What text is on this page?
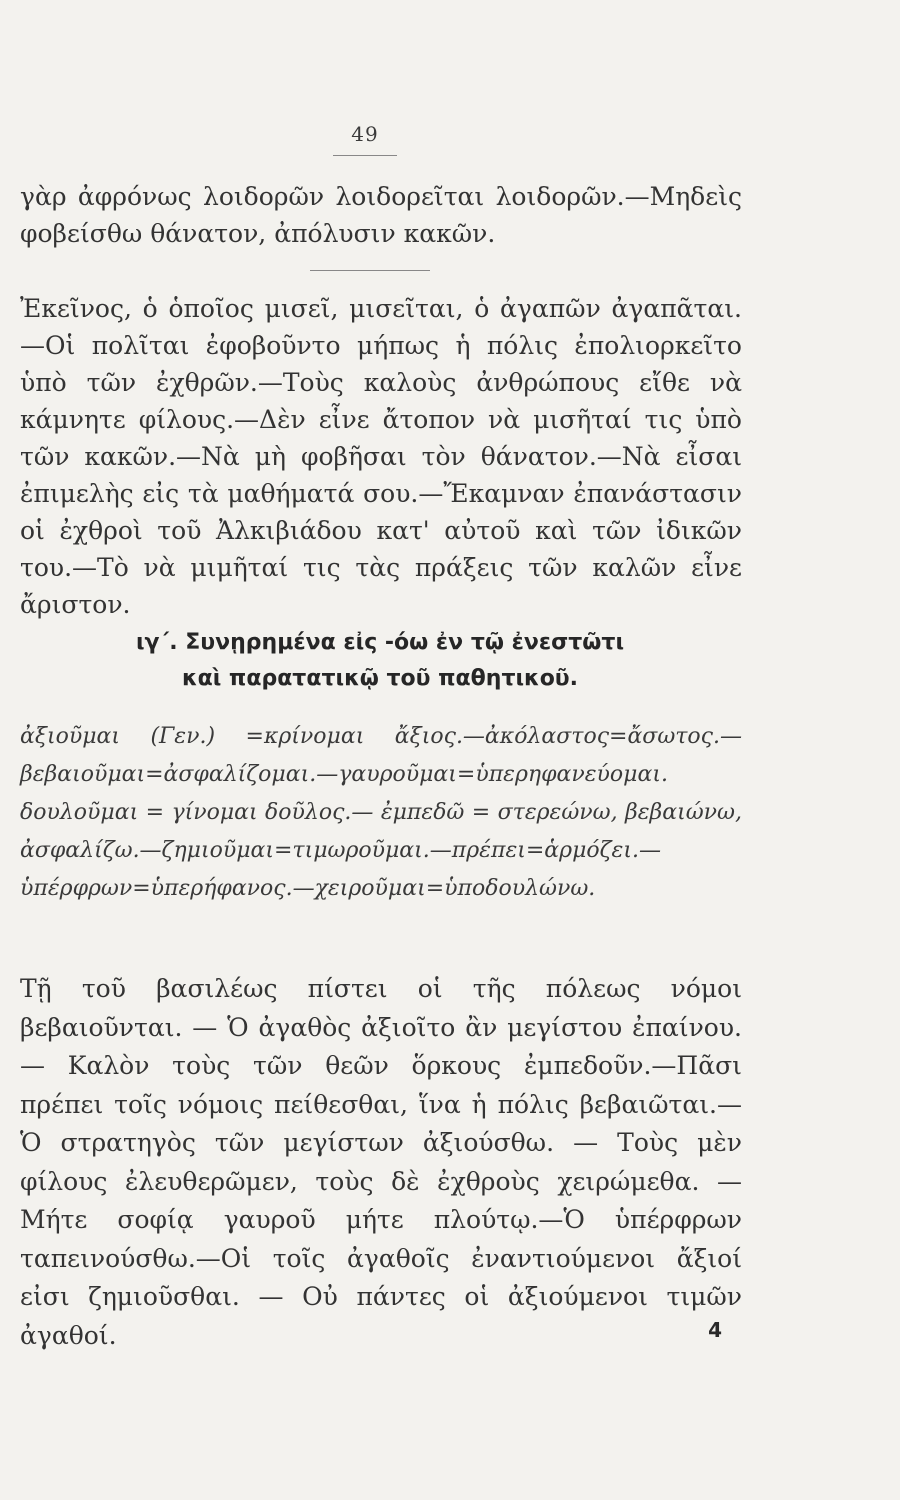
49

γὰρ ἀφρόνως λοιδορῶν λοιδορεῖται λοιδορῶν.—Μηδεὶς φοβείσθω θάνατον, ἀπόλυσιν κακῶν.

Ἐκεῖνος, ὁ ὁποῖος μισεῖ, μισεῖται, ὁ ἀγαπῶν ἀγαπᾶται.—Οἱ πολῖται ἐφοβοῦντο μήπως ἡ πόλις ἐπολιορκεῖτο ὑπὸ τῶν ἐχθρῶν.—Τοὺς καλοὺς ἀνθρώπους εἴθε νὰ κάμνητε φίλους.—Δὲν εἶνε ἄτοπον νὰ μισῆταί τις ὑπὸ τῶν κακῶν.—Νὰ μὴ φοβῆσαι τὸν θάνατον.—Νὰ εἶσαι ἐπιμελὴς εἰς τὰ μαθήματά σου.—Ἔκαμναν ἐπανάστασιν οἱ ἐχθροὶ τοῦ Ἀλκιβιάδου κατ' αὐτοῦ καὶ τῶν ἰδικῶν του.—Τὸ νὰ μιμῆταί τις τὰς πράξεις τῶν καλῶν εἶνε ἄριστον.

ιγ΄. Συνῃρημένα εἰς -όω ἐν τῷ ἐνεστῶτι
καὶ παρατατικῷ τοῦ παθητικοῦ.

ἀξιοῦμαι (Γεν.) =κρίνομαι ἄξιος.—ἀκόλαστος=ἄσωτος.—βεβαιοῦμαι=ἀσφαλίζομαι.—γαυροῦμαι=ὑπερηφανεύομαι. δουλοῦμαι = γίνομαι δοῦλος.— ἐμπεδῶ = στερεώνω, βεβαιώνω, ἀσφαλίζω.—ζημιοῦμαι=τιμωροῦμαι.—πρέπει=ἁρμόζει.— ὑπέρφρων=ὑπερήφανος.—χειροῦμαι=ὑποδουλώνω.

Τῇ τοῦ βασιλέως πίστει οἱ τῆς πόλεως νόμοι βεβαιοῦνται. — Ὁ ἀγαθὸς ἀξιοῖτο ἂν μεγίστου ἐπαίνου. — Καλὸν τοὺς τῶν θεῶν ὅρκους ἐμπεδοῦν.—Πᾶσι πρέπει τοῖς νόμοις πείθεσθαι, ἵνα ἡ πόλις βεβαιῶται.—Ὁ στρατηγὸς τῶν μεγίστων ἀξιούσθω. — Τοὺς μὲν φίλους ἐλευθερῶμεν, τοὺς δὲ ἐχθροὺς χειρώμεθα. — Μήτε σοφίᾳ γαυροῦ μήτε πλούτῳ.—Ὁ ὑπέρφρων ταπεινούσθω.—Οἱ τοῖς ἀγαθοῖς ἐναντιούμενοι ἄξιοί εἰσι ζημιοῦσθαι. — Οὐ πάντες οἱ ἀξιούμενοι τιμῶν ἀγαθοί.	4
